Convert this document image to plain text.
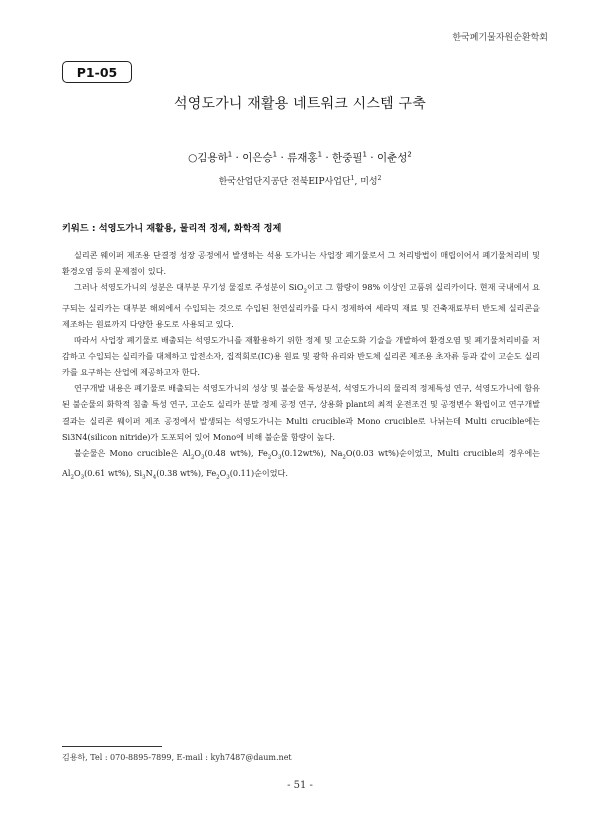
한국폐기물자원순환학회
P1-05
석영도가니 재활용 네트워크 시스템 구축
○김용하$^1$ · 이은승$^1$ · 류재홍$^1$ · 한중필$^1$ · 이춘성$^2$
한국산업단지공단 전북EIP사업단$^1$, 미성$^2$
키워드 : 석영도가니 재활용, 물리적 정제, 화학적 정제

실리콘 웨이퍼 제조용 단결정 성장 공정에서 발생하는 석용 도가니는 사업장 폐기물로서 그 처리방법이 매립이어서 폐기물처리비 및 환경오염 등의 문제점이 있다.

그러나 석영도가니의 성분은 대부분 무기성 물질로 주성분이 SiO$_2$이고 그 함량이 98% 이상인 고품위 실리카이다. 현재 국내에서 요구되는 실리카는 대부분 해외에서 수입되는 것으로 수입된 천연실리카를 다시 정제하여 세라믹 재료 및 건축재료부터 반도체 실리콘을 제조하는 원료까지 다양한 용도로 사용되고 있다.

따라서 사업장 폐기물로 배출되는 석영도가니를 재활용하기 위한 정제 및 고순도화 기술을 개발하여 환경오염 및 폐기물처리비를 저감하고 수입되는 실리카를 대체하고 압전소자, 집적회로(IC)용 원료 및 광학 유리와 반도체 실리콘 제조용 초자류 등과 같이 고순도 실리카를 요구하는 산업에 제공하고자 한다.

연구개발 내용은 폐기물로 배출되는 석영도가니의 성상 및 불순물 특성분석, 석영도가니의 물리적 정제특성 연구, 석영도가니에 함유된 불순물의 화학적 침출 특성 연구, 고순도 실리카 분말 정제 공정 연구, 상용화 plant의 최적 운전조건 및 공정변수 확립이고 연구개발 결과는 실리콘 웨이퍼 제조 공정에서 발생되는 석영도가니는 Multi crucible과 Mono crucible로 나뉘는데 Multi crucible에는 Si3N4(silicon nitride)가 도포되어 있어 Mono에 비해 불순물 함량이 높다.

불순물은 Mono crucible은 $Al_2O_3(0.48$ wt%), $Fe_2O_3(0.12wt\%)$, $Na_2O(0.03$ wt%)순이었고, Multi crucible의 경우에는 $Al_2O_3(0.61$ wt%), $Si_3N_4(0.38$ wt%), $Fe_2O_3(0.11)$순이었다.

김용하, Tel : 070-8895-7899, E-mail : kyh7487@daum.net
- 51 -
